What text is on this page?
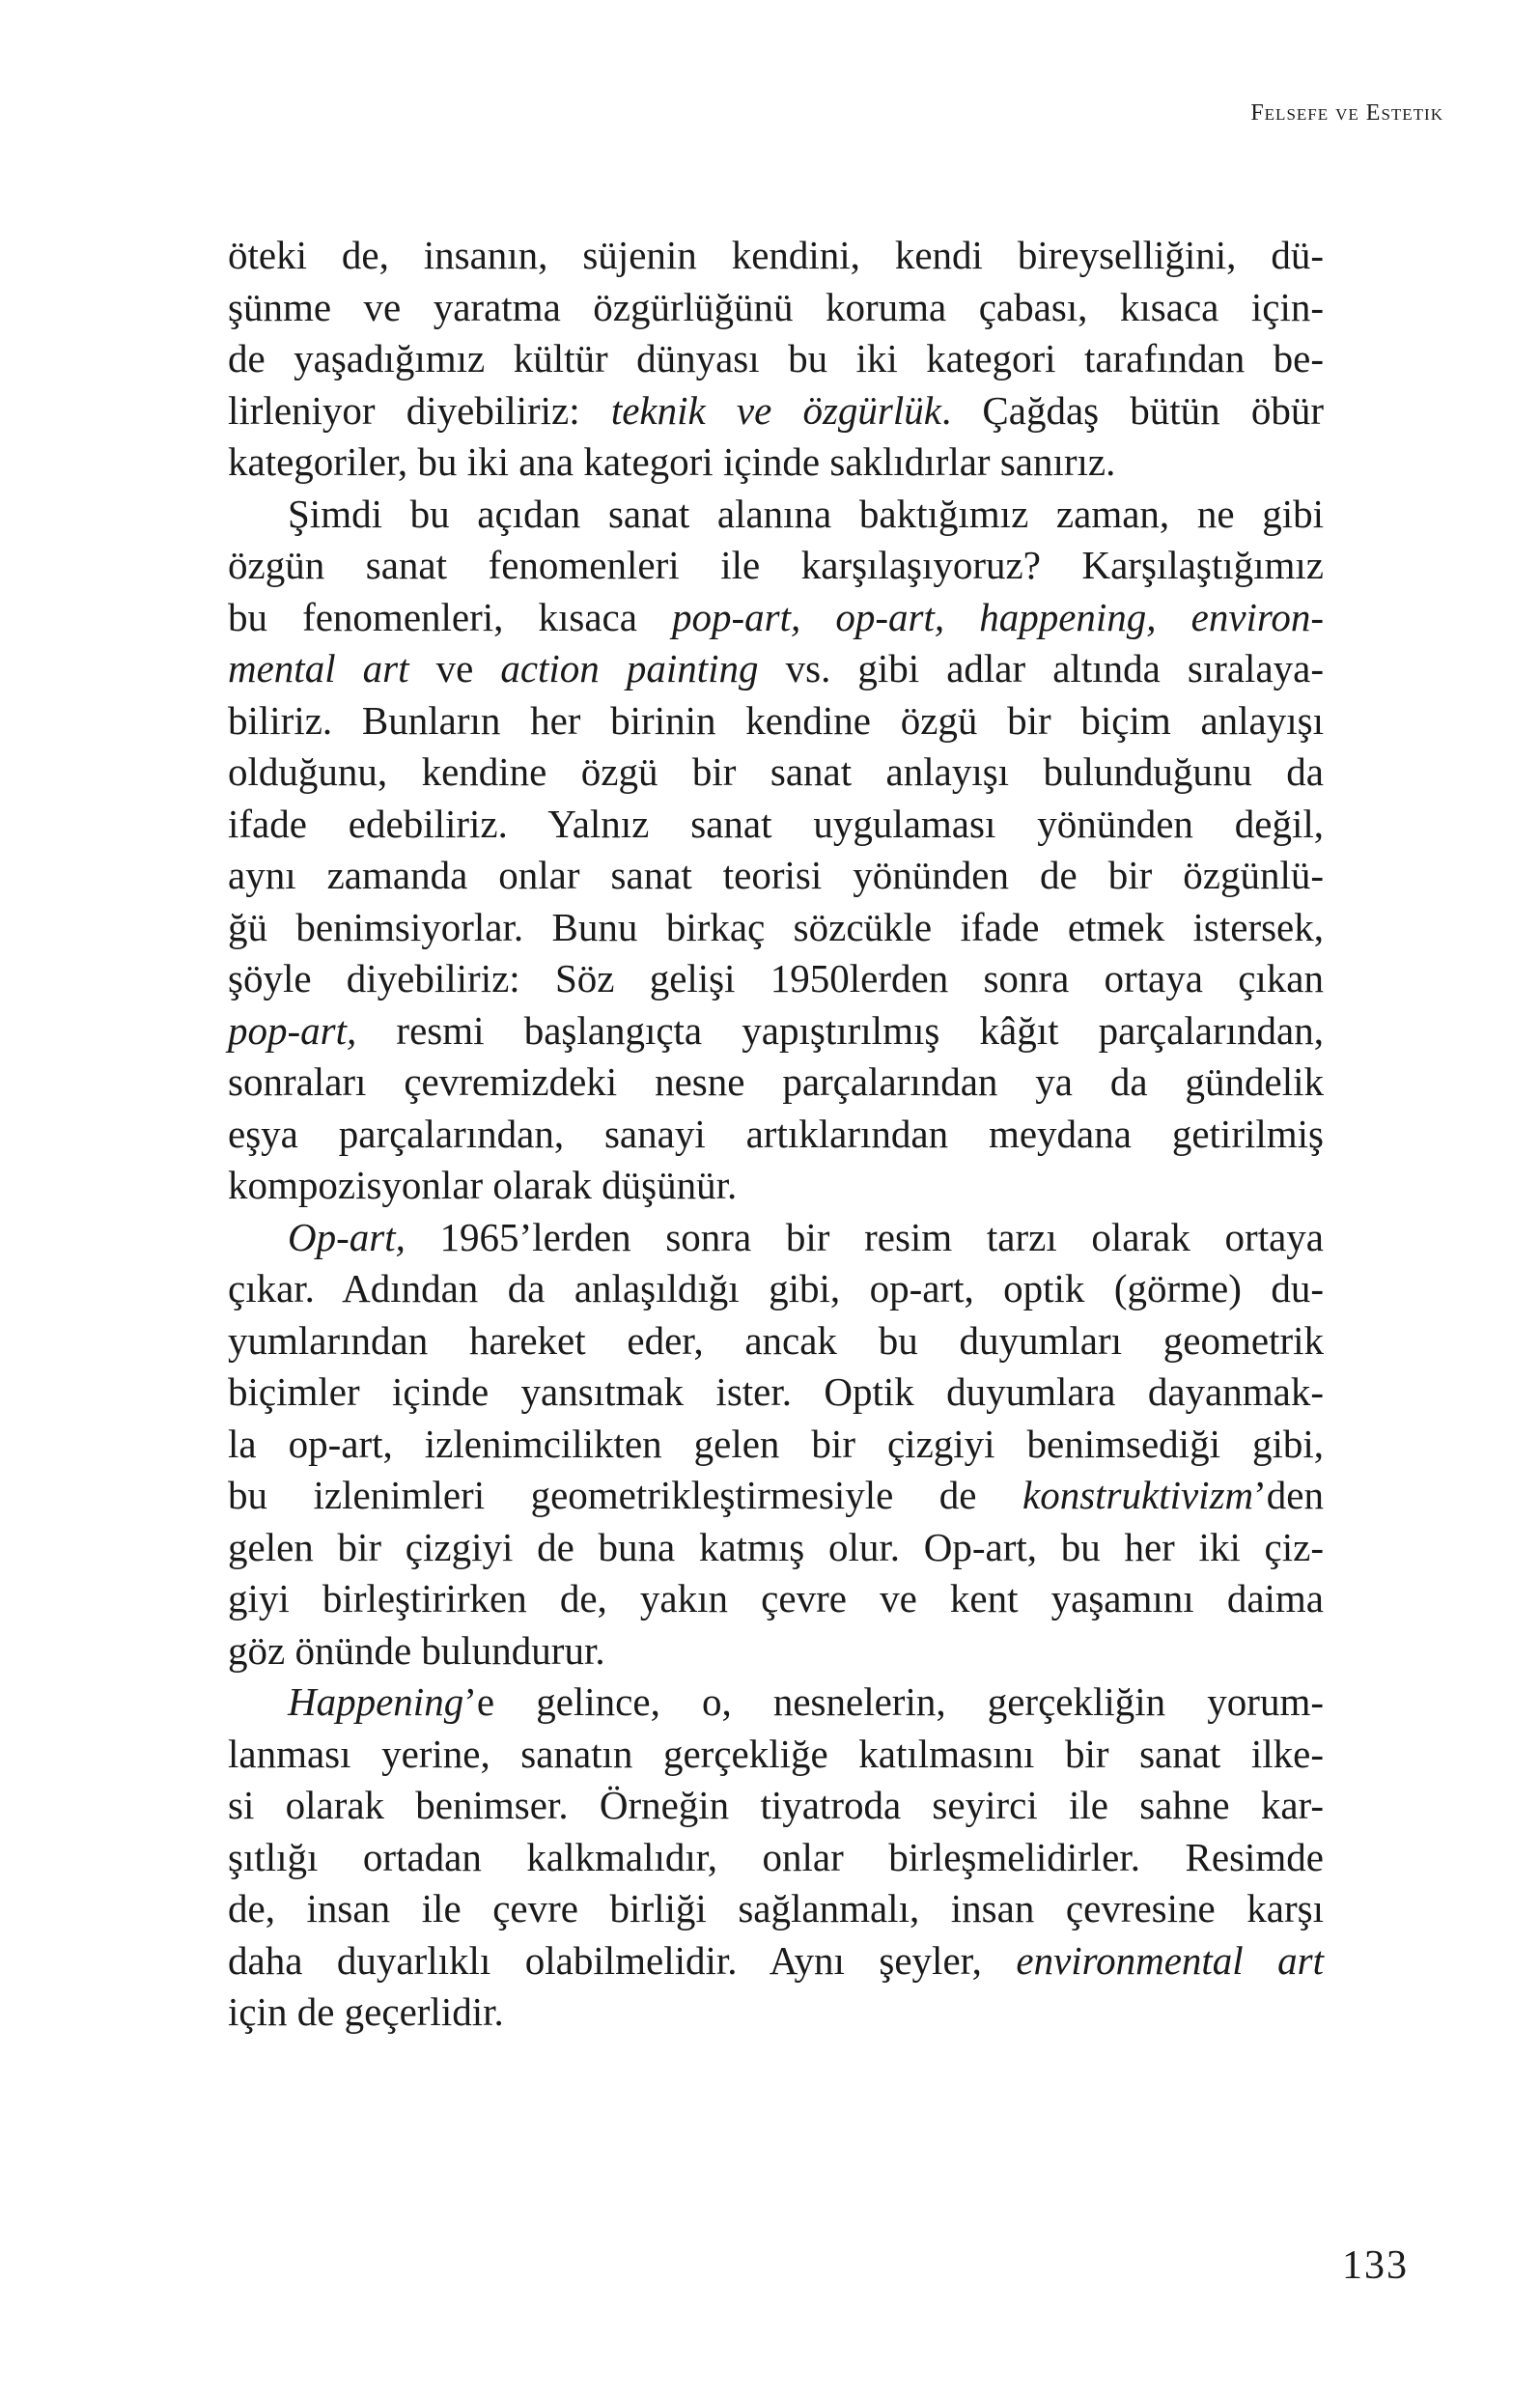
Felsefe ve Estetik
öteki de, insanın, süjenin kendini, kendi bireyselliğini, dü-
şünme ve yaratma özgürlüğünü koruma çabası, kısaca için-
de yaşadığımız kültür dünyası bu iki kategori tarafından be-
lirleniyor diyebiliriz: teknik ve özgürlük. Çağdaş bütün öbür
kategoriler, bu iki ana kategori içinde saklıdırlar sanırız.
Şimdi bu açıdan sanat alanına baktığımız zaman, ne gibi
özgün sanat fenomenleri ile karşılaşıyoruz? Karşılaştığımız
bu fenomenleri, kısaca pop-art, op-art, happening, environ-
mental art ve action painting vs. gibi adlar altında sıralaya-
biliriz. Bunların her birinin kendine özgü bir biçim anlayışı
olduğunu, kendine özgü bir sanat anlayışı bulunduğunu da
ifade edebiliriz. Yalnız sanat uygulaması yönünden değil,
aynı zamanda onlar sanat teorisi yönünden de bir özgünlü-
ğü benimsiyorlar. Bunu birkaç sözcükle ifade etmek istersek,
şöyle diyebiliriz: Söz gelişi 1950lerden sonra ortaya çıkan
pop-art, resmi başlangıçta yapıştırılmış kâğıt parçalarından,
sonraları çevremizdeki nesne parçalarından ya da gündelik
eşya parçalarından, sanayi artıklarından meydana getirilmiş
kompozisyonlar olarak düşünür.
Op-art, 1965’lerden sonra bir resim tarzı olarak ortaya
çıkar. Adından da anlaşıldığı gibi, op-art, optik (görme) du-
yumlarından hareket eder, ancak bu duyumları geometrik
biçimler içinde yansıtmak ister. Optik duyumlara dayanmak-
la op-art, izlenimcilikten gelen bir çizgiyi benimsediği gibi,
bu izlenimleri geometrikleştirmesiyle de konstruktivizm’den
gelen bir çizgiyi de buna katmış olur. Op-art, bu her iki çiz-
giyi birleştirirken de, yakın çevre ve kent yaşamını daima
göz önünde bulundurur.
Happening’e gelince, o, nesnelerin, gerçekliğin yorum-
lanması yerine, sanatın gerçekliğe katılmasını bir sanat ilke-
si olarak benimser. Örneğin tiyatroda seyirci ile sahne kar-
şıtlığı ortadan kalkmalıdır, onlar birleşmelidirler. Resimde
de, insan ile çevre birliği sağlanmalı, insan çevresine karşı
daha duyarlıklı olabilmelidir. Aynı şeyler, environmental art
için de geçerlidir.
133
